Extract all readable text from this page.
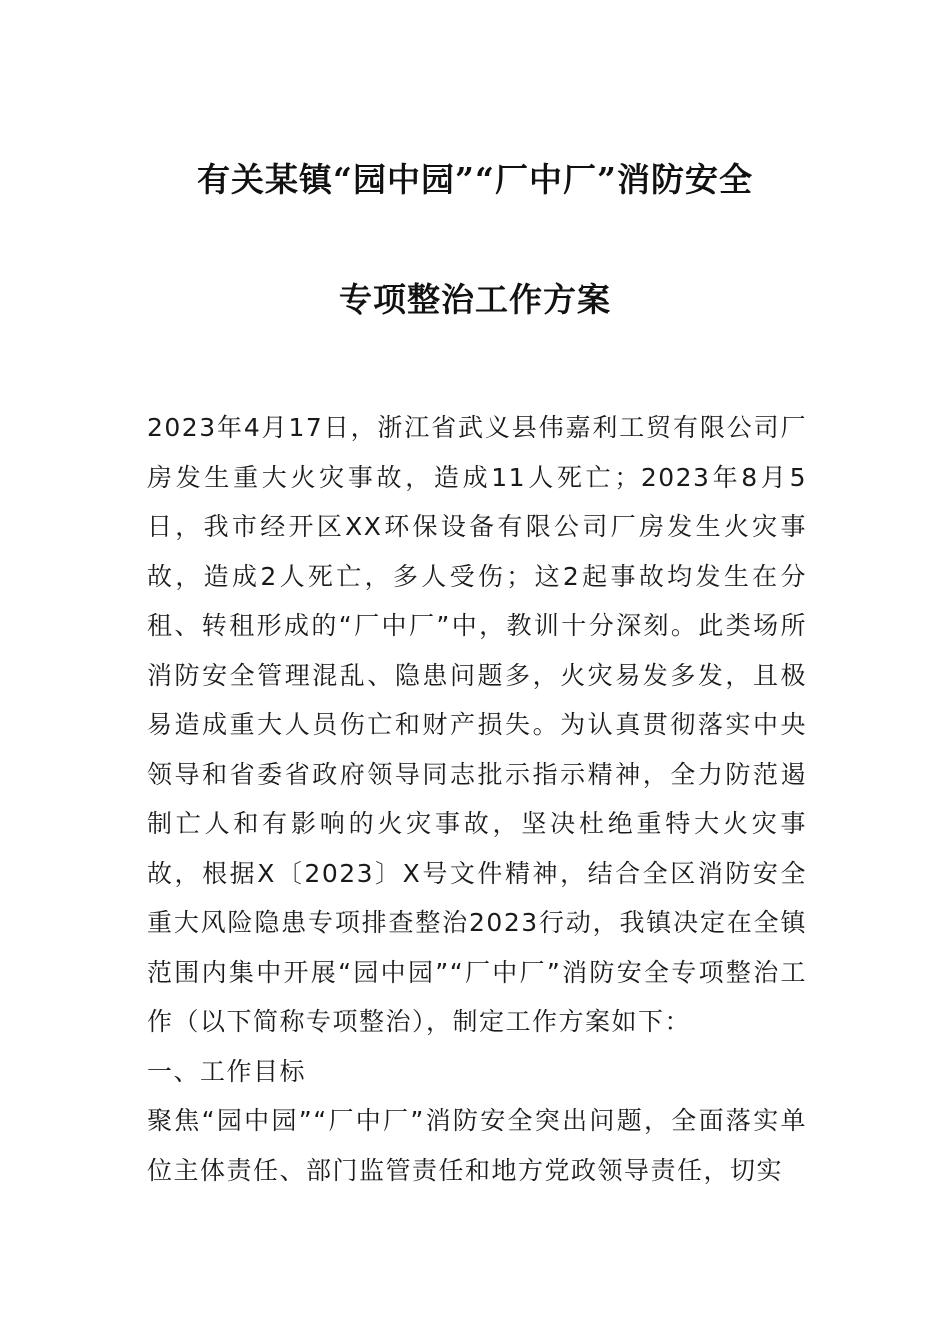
有关某镇“园中园”“厂中厂”消防安全
专项整治工作方案

2023年4月17日，浙江省武义县伟嘉利工贸有限公司厂房发生重大火灾事故，造成11人死亡；2023年8月5日，我市经开区XX环保设备有限公司厂房发生火灾事故，造成2人死亡，多人受伤；这2起事故均发生在分租、转租形成的“厂中厂”中，教训十分深刻。此类场所消防安全管理混乱、隐患问题多，火灾易发多发，且极易造成重大人员伤亡和财产损失。为认真贯彻落实中央领导和省委省政府领导同志批示指示精神，全力防范遏制亡人和有影响的火灾事故，坚决杜绝重特大火灾事故，根据X〔2023〕X号文件精神，结合全区消防安全重大风险隐患专项排查整治2023行动，我镇决定在全镇范围内集中开展“园中园”“厂中厂”消防安全专项整治工作（以下简称专项整治），制定工作方案如下：

一、工作目标

聚焦“园中园”“厂中厂”消防安全突出问题，全面落实单位主体责任、部门监管责任和地方党政领导责任，切实
